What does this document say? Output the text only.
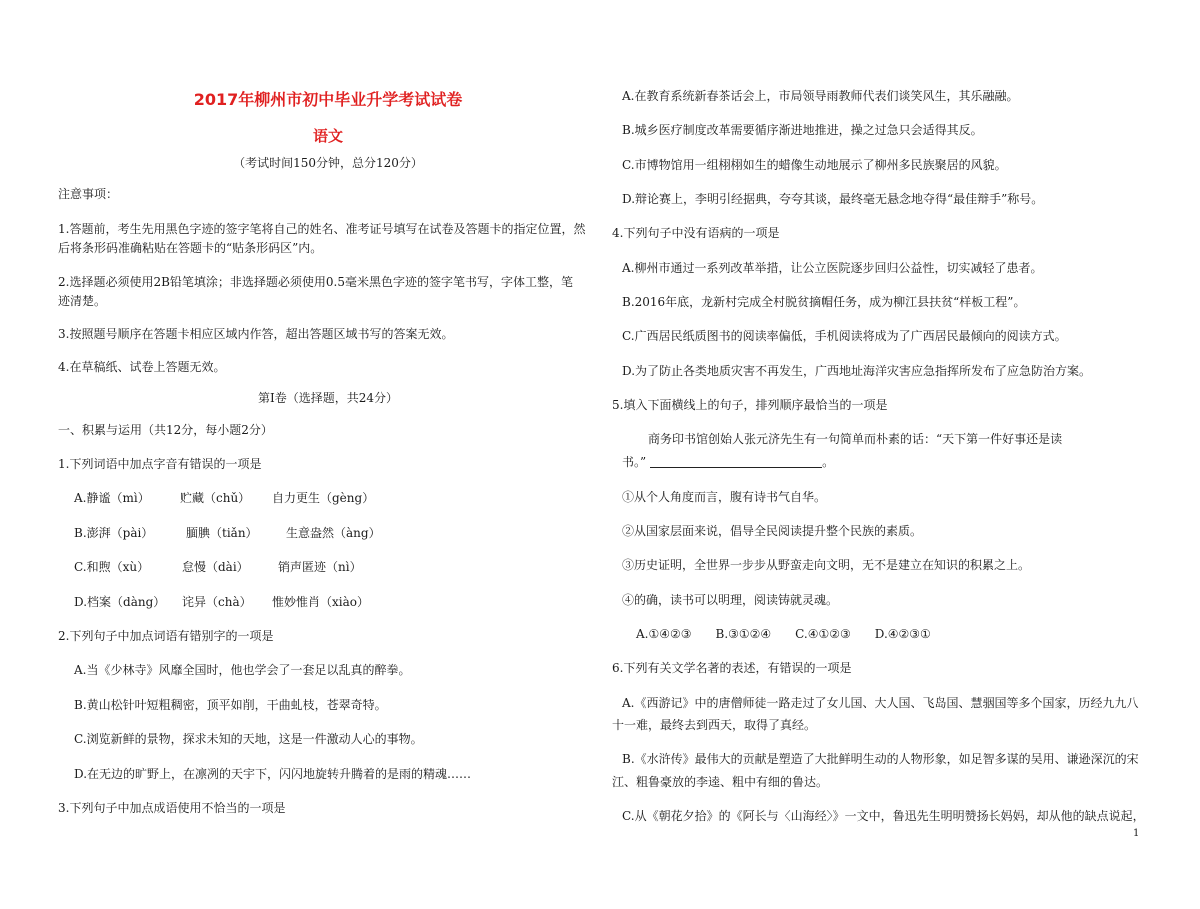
2017年柳州市初中毕业升学考试试卷
语文
（考试时间150分钟，总分120分）
注意事项：
1.答题前，考生先用黑色字迹的签字笔将自己的姓名、准考证号填写在试卷及答题卡的指定位置，然
后将条形码准确粘贴在答题卡的“贴条形码区”内。
2.选择题必须使用2B铅笔填涂；非选择题必须使用0.5毫米黑色字迹的签字笔书写，字体工整，笔
迹清楚。
3.按照题号顺序在答题卡相应区域内作答，超出答题区域书写的答案无效。
4.在草稿纸、试卷上答题无效。
第Ⅰ卷（选择题，共24分）
一、积累与运用（共12分，每小题2分）
1.下列词语中加点字音有错误的一项是
A.静谧（mì）	贮藏（chǔ） 自力更生（gèng）
B.澎湃（pài）	腼腆（tiǎn） 生意盎然（àng）
C.和煦（xù）	怠慢（dài） 销声匿迹（nì）
D.档案（dàng） 诧异（chà） 惟妙惟肖（xiào）
2.下列句子中加点词语有错别字的一项是
A.当《少林寺》风靡全国时，他也学会了一套足以乱真的醉拳。
B.黄山松针叶短粗稠密，顶平如削，干曲虬枝，苍翠奇特。
C.浏览新鲜的景物，探求未知的天地，这是一件激动人心的事物。
D.在无边的旷野上，在凛冽的天宇下，闪闪地旋转升腾着的是雨的精魂……
3.下列句子中加点成语使用不恰当的一项是
A.在教育系统新春茶话会上，市局领导雨教师代表们谈笑风生，其乐融融。
B.城乡医疗制度改革需要循序渐进地推进，操之过急只会适得其反。
C.市博物馆用一组栩栩如生的蜡像生动地展示了柳州多民族聚居的风貌。
D.辩论赛上，李明引经据典，夸夸其谈，最终毫无悬念地夺得“最佳辩手”称号。
4.下列句子中没有语病的一项是
A.柳州市通过一系列改革举措，让公立医院逐步回归公益性，切实减轻了患者。
B.2016年底，龙新村完成全村脱贫摘帽任务，成为柳江县扶贫“样板工程”。
C.广西居民纸质图书的阅读率偏低，手机阅读将成为了广西居民最倾向的阅读方式。
D.为了防止各类地质灾害不再发生，广西地址海洋灾害应急指挥所发布了应急防治方案。
5.填入下面横线上的句子，排列顺序最恰当的一项是
商务印书馆创始人张元济先生有一句简单而朴素的话：“天下第一件好事还是读
书。”	。
①从个人角度而言，腹有诗书气自华。
②从国家层面来说，倡导全民阅读提升整个民族的素质。
③历史证明，全世界一步步从野蛮走向文明，无不是建立在知识的积累之上。
④的确，读书可以明理，阅读铸就灵魂。
A.①④②③　　B.③①②④　　C.④①②③　　D.④②③①
6.下列有关文学名著的表述，有错误的一项是
A.《西游记》中的唐僧师徒一路走过了女儿国、大人国、飞岛国、慧骃国等多个国家，历经九九八
十一难，最终去到西天，取得了真经。
B.《水浒传》最伟大的贡献是塑造了大批鲜明生动的人物形象，如足智多谋的吴用、谦逊深沉的宋
江、粗鲁豪放的李逵、粗中有细的鲁达。
C.从《朝花夕拾》的《阿长与〈山海经〉》一文中，鲁迅先生明明赞扬长妈妈，却从他的缺点说起，
1
